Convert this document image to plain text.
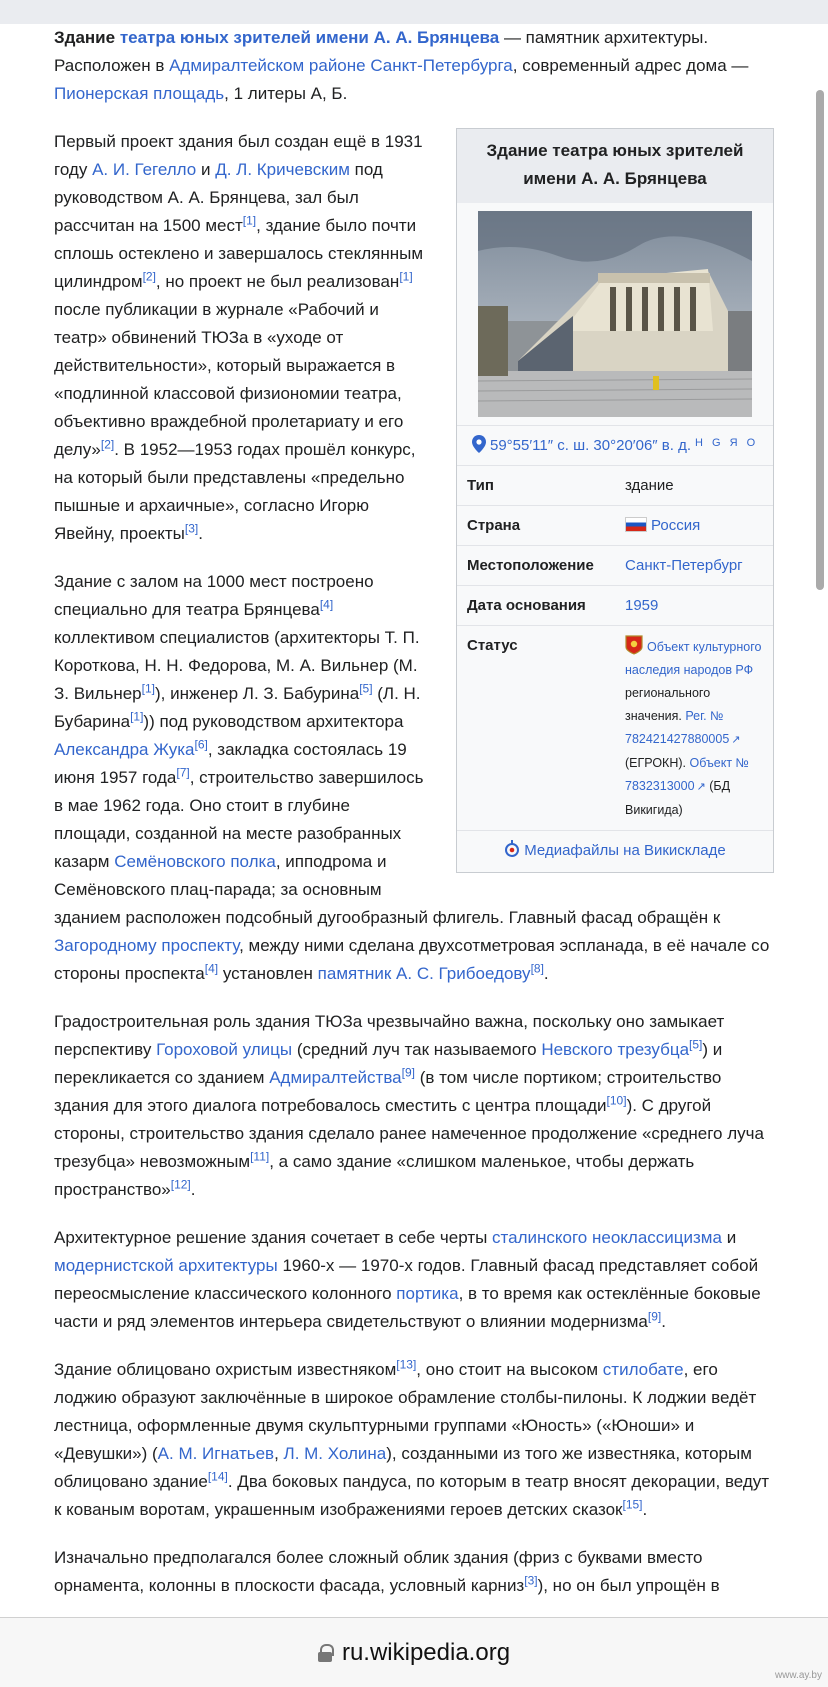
Здание театра юных зрителей имени А. А. Брянцева — памятник архитектуры. Расположен в Адмиралтейском районе Санкт-Петербурга, современный адрес дома — Пионерская площадь, 1 литеры А, Б.

Здание театра юных зрителей имени А. А. Брянцева
59°55′11″ с. ш. 30°20′06″ в. д. $^{H G Я O}$
Тип	здание
Страна	Россия
Местоположение	Санкт-Петербург
Дата основания	1959
Статус	Объект культурного наследия народов РФ регионального значения. Рег. № 782421427880005 ↗ (ЕГРОКН). Объект № 7832313000 ↗ (БД Викигида)
Медиафайлы на Викискладе

Первый проект здания был создан ещё в 1931 году А. И. Гегелло и Д. Л. Кричевским под руководством А. А. Брянцева, зал был рассчитан на 1500 мест[1], здание было почти сплошь остеклено и завершалось стеклянным цилиндром[2], но проект не был реализован[1] после публикации в журнале «Рабочий и театр» обвинений ТЮЗа в «уходе от действительности», который выражается в «подлинной классовой физиономии театра, объективно враждебной пролетариату и его делу»[2]. В 1952—1953 годах прошёл конкурс, на который были представлены «предельно пышные и архаичные», согласно Игорю Явейну, проекты[3].

Здание с залом на 1000 мест построено специально для театра Брянцева[4] коллективом специалистов (архитекторы Т. П. Короткова, Н. Н. Федорова, М. А. Вильнер (М. З. Вильнер[1]), инженер Л. З. Бабурина[5] (Л. Н. Бубарина[1])) под руководством архитектора Александра Жука[6], закладка состоялась 19 июня 1957 года[7], строительство завершилось в мае 1962 года. Оно стоит в глубине площади, созданной на месте разобранных казарм Семёновского полка, ипподрома и Семёновского плац-парада; за основным зданием расположен подсобный дугообразный флигель. Главный фасад обращён к Загородному проспекту, между ними сделана двухсотметровая эспланада, в её начале со стороны проспекта[4] установлен памятник А. С. Грибоедову[8].

Градостроительная роль здания ТЮЗа чрезвычайно важна, поскольку оно замыкает перспективу Гороховой улицы (средний луч так называемого Невского трезубца[5]) и перекликается со зданием Адмиралтейства[9] (в том числе портиком; строительство здания для этого диалога потребовалось сместить с центра площади[10]). С другой стороны, строительство здания сделало ранее намеченное продолжение «среднего луча трезубца» невозможным[11], а само здание «слишком маленькое, чтобы держать пространство»[12].

Архитектурное решение здания сочетает в себе черты сталинского неоклассицизма и модернистской архитектуры 1960-х — 1970-х годов. Главный фасад представляет собой переосмысление классического колонного портика, в то время как остеклённые боковые части и ряд элементов интерьера свидетельствуют о влиянии модернизма[9].

Здание облицовано охристым известняком[13], оно стоит на высоком стилобате, его лоджию образуют заключённые в широкое обрамление столбы-пилоны. К лоджии ведёт лестница, оформленные двумя скульптурными группами «Юность» («Юноши» и «Девушки») (А. М. Игнатьев, Л. М. Холина), созданными из того же известняка, которым облицовано здание[14]. Два боковых пандуса, по которым в театр вносят декорации, ведут к кованым воротам, украшенным изображениями героев детских сказок[15].

Изначально предполагался более сложный облик здания (фриз с буквами вместо орнамента, колонны в плоскости фасада, условный карниз[3]), но он был упрощён в

ru.wikipedia.org
www.ay.by
